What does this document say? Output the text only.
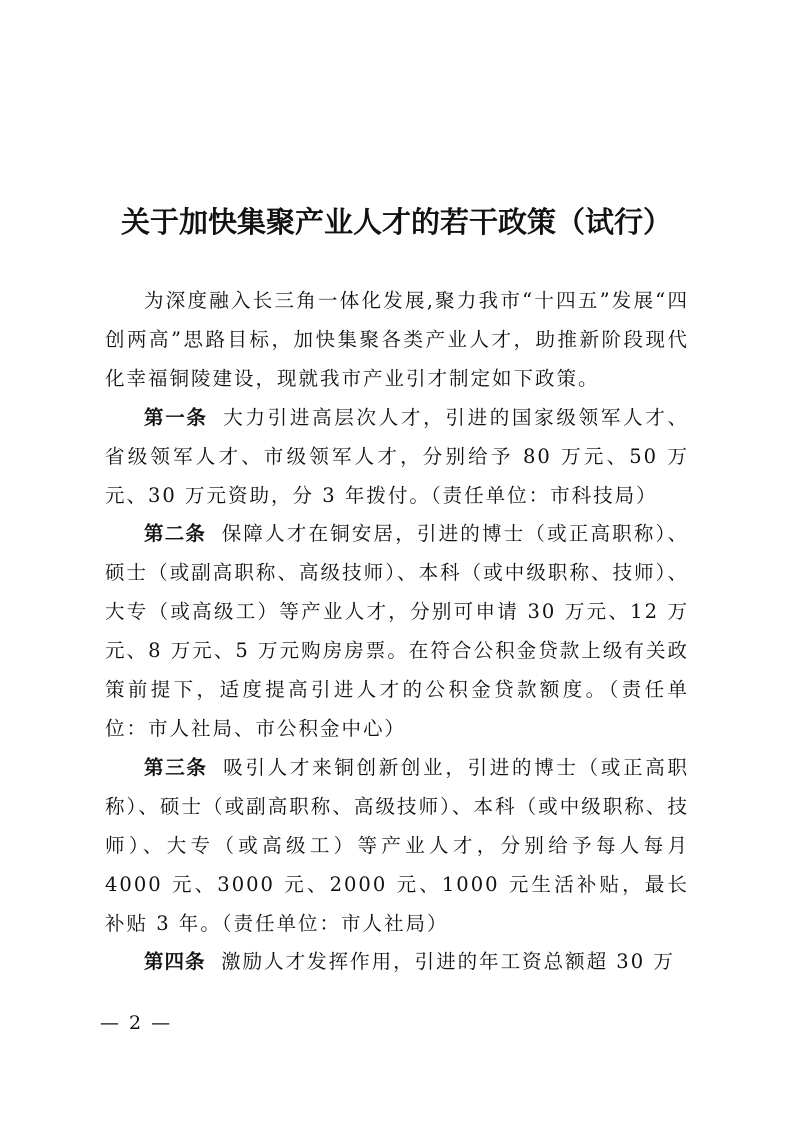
关于加快集聚产业人才的若干政策（试行）

为深度融入长三角一体化发展,聚力我市“十四五”发展“四创两高”思路目标，加快集聚各类产业人才，助推新阶段现代化幸福铜陵建设，现就我市产业引才制定如下政策。

第一条 大力引进高层次人才，引进的国家级领军人才、省级领军人才、市级领军人才，分别给予 80 万元、50 万元、30 万元资助，分 3 年拨付。（责任单位：市科技局）

第二条 保障人才在铜安居，引进的博士（或正高职称）、硕士（或副高职称、高级技师）、本科（或中级职称、技师）、大专（或高级工）等产业人才，分别可申请 30 万元、12 万元、8 万元、5 万元购房房票。在符合公积金贷款上级有关政策前提下，适度提高引进人才的公积金贷款额度。（责任单位：市人社局、市公积金中心）

第三条 吸引人才来铜创新创业，引进的博士（或正高职称）、硕士（或副高职称、高级技师）、本科（或中级职称、技师）、大专（或高级工）等产业人才，分别给予每人每月 4000 元、3000 元、2000 元、1000 元生活补贴，最长补贴 3 年。（责任单位：市人社局）

第四条 激励人才发挥作用，引进的年工资总额超 30 万

— 2 —
